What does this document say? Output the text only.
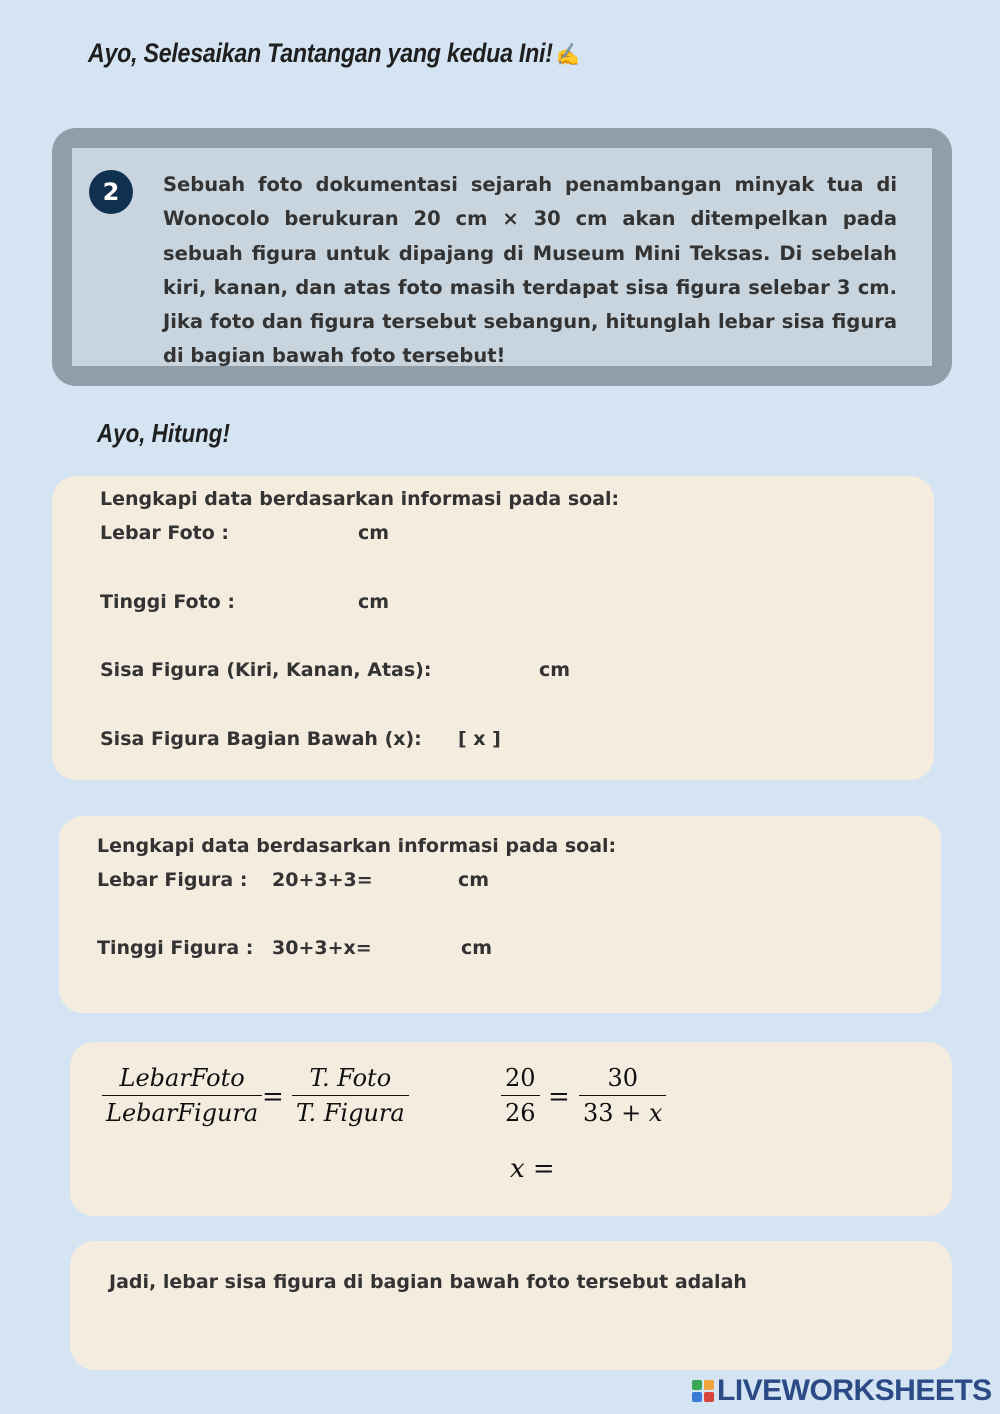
Ayo, Selesaikan Tantangan yang kedua Ini! ✍️
2	Sebuah foto dokumentasi sejarah penambangan minyak tua di Wonocolo berukuran 20 cm × 30 cm akan ditempelkan pada sebuah figura untuk dipajang di Museum Mini Teksas. Di sebelah kiri, kanan, dan atas foto masih terdapat sisa figura selebar 3 cm. Jika foto dan figura tersebut sebangun, hitunglah lebar sisa figura di bagian bawah foto tersebut!
Ayo, Hitung!
Lengkapi data berdasarkan informasi pada soal:
Lebar Foto :	cm
Tinggi Foto :	cm
Sisa Figura (Kiri, Kanan, Atas):	cm
Sisa Figura Bagian Bawah (x): [ x ]
Lengkapi data berdasarkan informasi pada soal:
Lebar Figura : 20+3+3=	cm
Tinggi Figura : 30+3+x=	cm
LebarFoto
LebarFigura
=
T. Foto
T. Figura	$\frac{20}{26} = \frac{30}{33 + x}$
x =
Jadi, lebar sisa figura di bagian bawah foto tersebut adalah
LIVEWORKSHEETS
